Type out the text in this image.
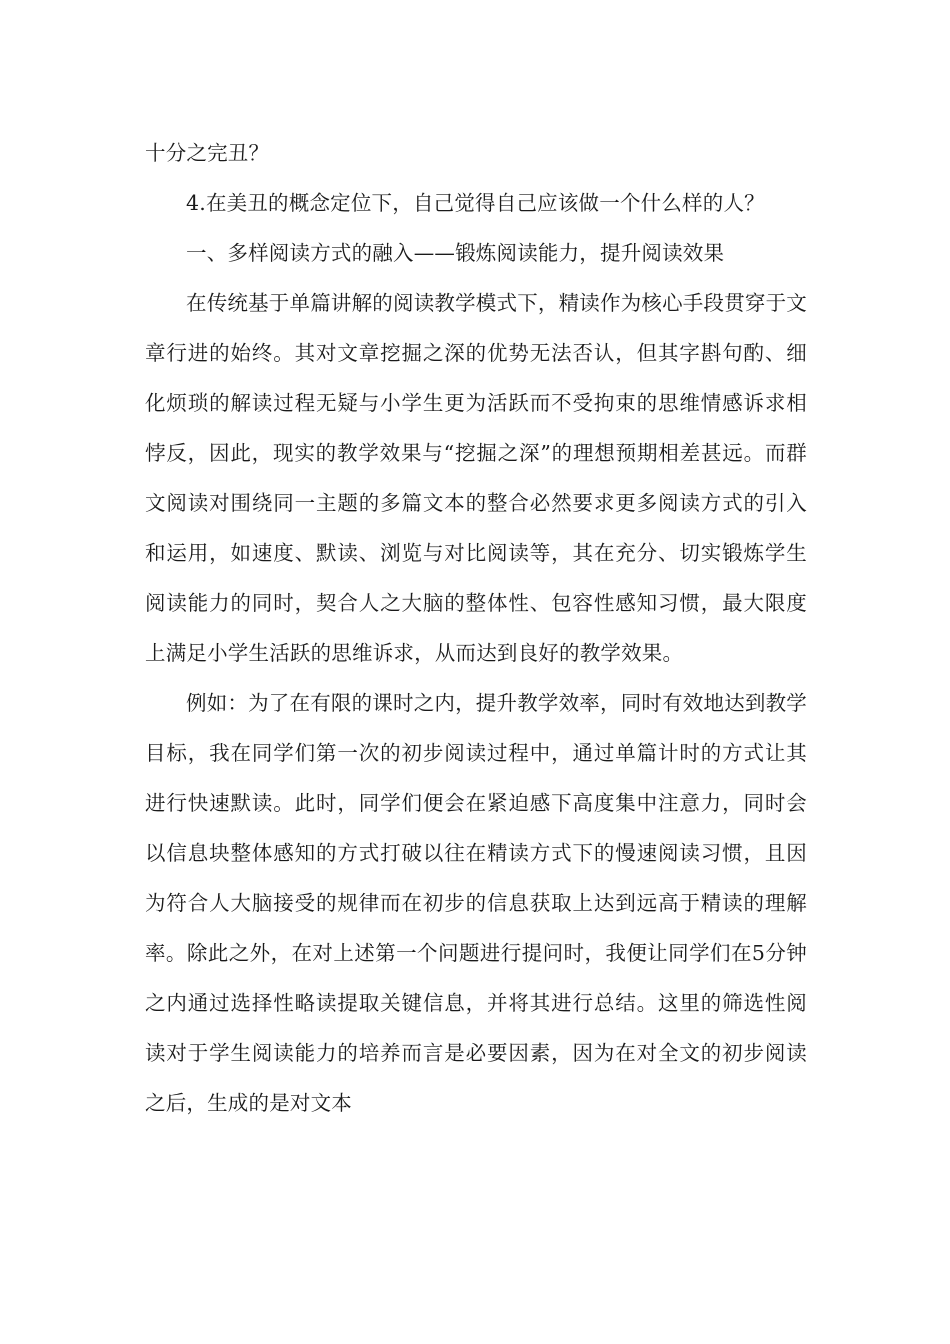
十分之完丑？

4.在美丑的概念定位下，自己觉得自己应该做一个什么样的人？

一、多样阅读方式的融入——锻炼阅读能力，提升阅读效果

在传统基于单篇讲解的阅读教学模式下，精读作为核心手段贯穿于文章行进的始终。其对文章挖掘之深的优势无法否认，但其字斟句酌、细化烦琐的解读过程无疑与小学生更为活跃而不受拘束的思维情感诉求相悖反，因此，现实的教学效果与“挖掘之深”的理想预期相差甚远。而群文阅读对围绕同一主题的多篇文本的整合必然要求更多阅读方式的引入和运用，如速度、默读、浏览与对比阅读等，其在充分、切实锻炼学生阅读能力的同时，契合人之大脑的整体性、包容性感知习惯，最大限度上满足小学生活跃的思维诉求，从而达到良好的教学效果。

例如：为了在有限的课时之内，提升教学效率，同时有效地达到教学目标，我在同学们第一次的初步阅读过程中，通过单篇计时的方式让其进行快速默读。此时，同学们便会在紧迫感下高度集中注意力，同时会以信息块整体感知的方式打破以往在精读方式下的慢速阅读习惯，且因为符合人大脑接受的规律而在初步的信息获取上达到远高于精读的理解率。除此之外，在对上述第一个问题进行提问时，我便让同学们在5分钟之内通过选择性略读提取关键信息，并将其进行总结。这里的筛选性阅读对于学生阅读能力的培养而言是必要因素，因为在对全文的初步阅读之后，生成的是对文本
